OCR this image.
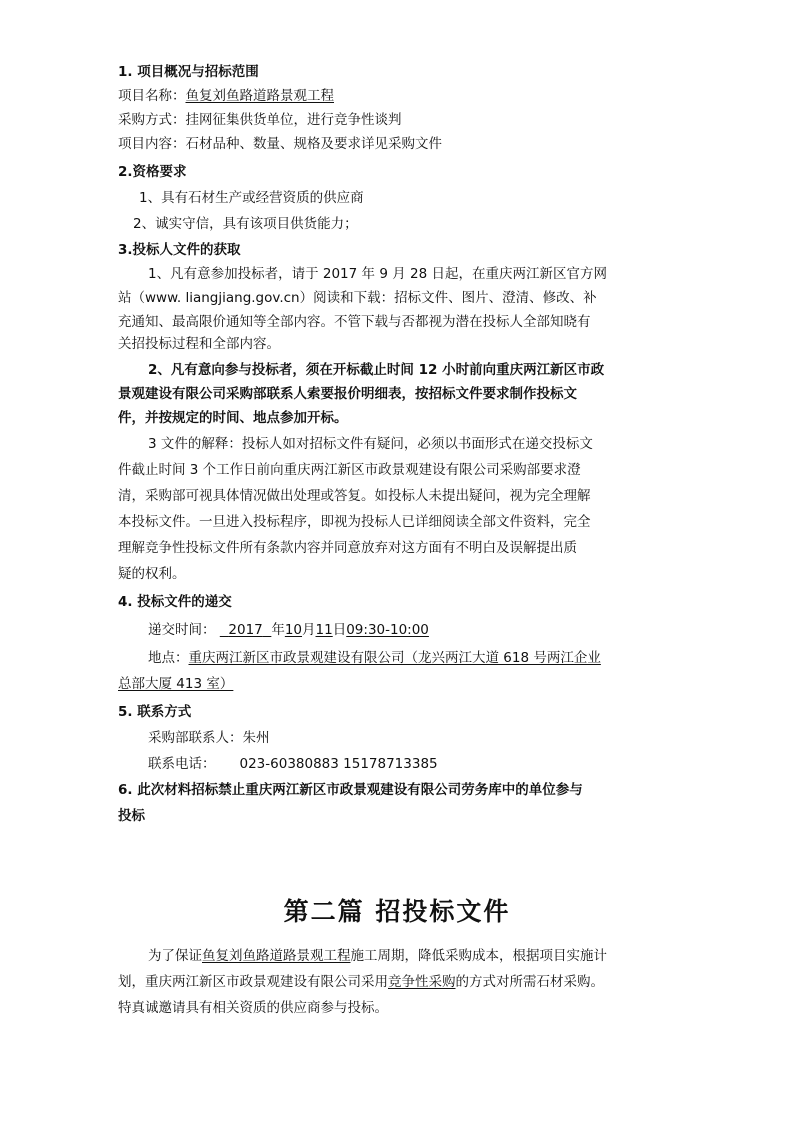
1. 项目概况与招标范围
项目名称：鱼复刘鱼路道路景观工程
采购方式：挂网征集供货单位，进行竞争性谈判
项目内容：石材品种、数量、规格及要求详见采购文件
2.资格要求
1、具有石材生产或经营资质的供应商
2、诚实守信，具有该项目供货能力；
3.投标人文件的获取
1、凡有意参加投标者，请于 2017 年 9 月 28 日起，在重庆两江新区官方网
站（www. liangjiang.gov.cn）阅读和下载：招标文件、图片、澄清、修改、补
充通知、最高限价通知等全部内容。不管下载与否都视为潜在投标人全部知晓有
关招投标过程和全部内容。
2、凡有意向参与投标者，须在开标截止时间 12 小时前向重庆两江新区市政
景观建设有限公司采购部联系人索要报价明细表，按招标文件要求制作投标文
件，并按规定的时间、地点参加开标。
3 文件的解释：投标人如对招标文件有疑问，必须以书面形式在递交投标文
件截止时间 3 个工作日前向重庆两江新区市政景观建设有限公司采购部要求澄
清，采购部可视具体情况做出处理或答复。如投标人未提出疑问，视为完全理解
本投标文件。一旦进入投标程序，即视为投标人已详细阅读全部文件资料，完全
理解竞争性投标文件所有条款内容并同意放弃对这方面有不明白及误解提出质
疑的权利。
4. 投标文件的递交
递交时间： 2017 年10月11日09:30-10:00
地点：重庆两江新区市政景观建设有限公司（龙兴两江大道 618 号两江企业
总部大厦 413 室）
5. 联系方式
采购部联系人：朱州
联系电话： 023-60380883 15178713385
6. 此次材料招标禁止重庆两江新区市政景观建设有限公司劳务库中的单位参与
投标
第二篇 招投标文件
为了保证鱼复刘鱼路道路景观工程施工周期，降低采购成本，根据项目实施计
划，重庆两江新区市政景观建设有限公司采用竞争性采购的方式对所需石材采购。
特真诚邀请具有相关资质的供应商参与投标。
